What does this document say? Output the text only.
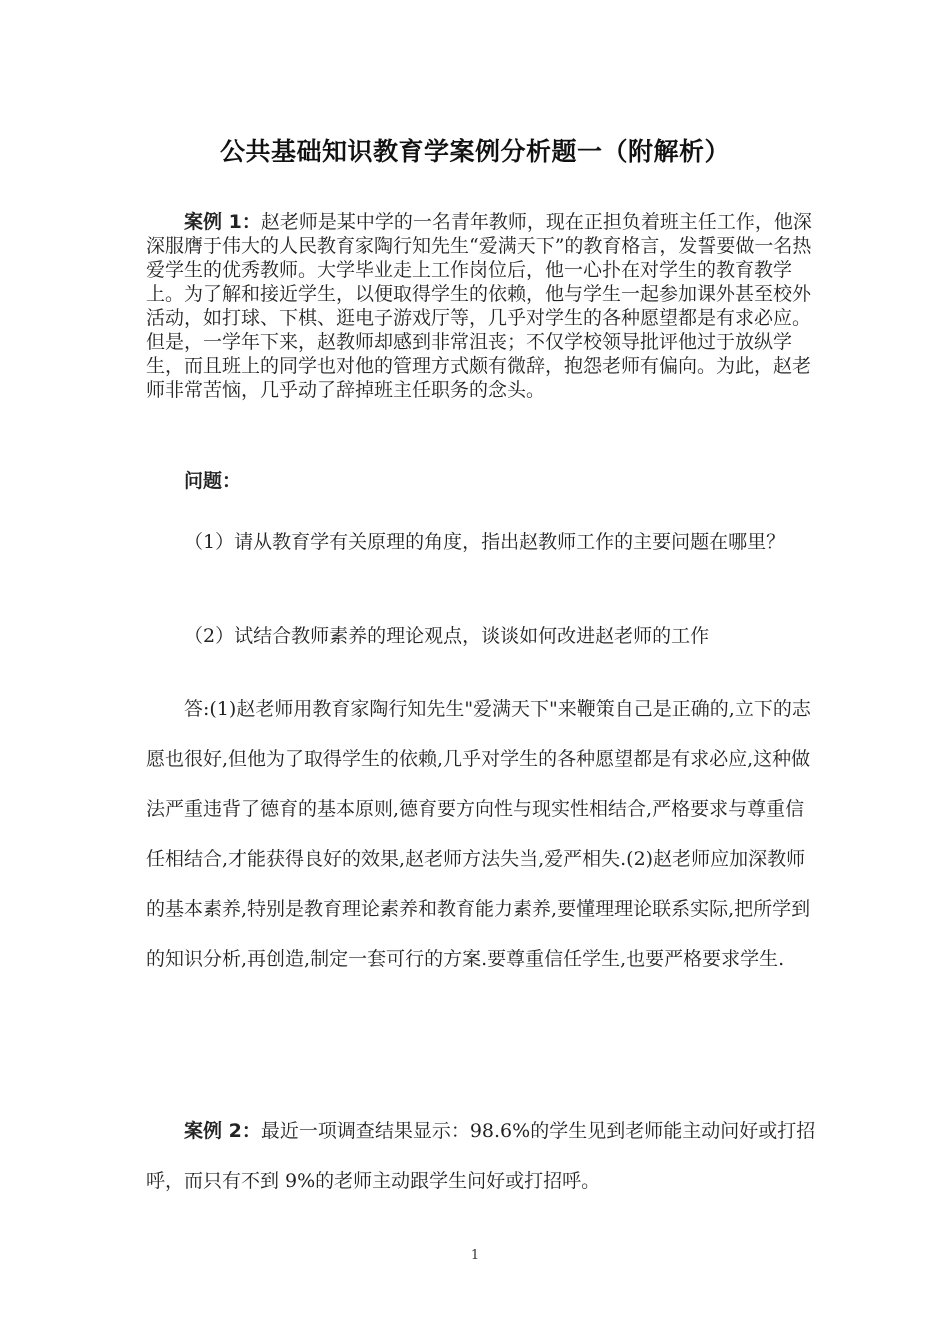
公共基础知识教育学案例分析题一（附解析）
案例 1：赵老师是某中学的一名青年教师，现在正担负着班主任工作，他深深服膺于伟大的人民教育家陶行知先生“爱满天下”的教育格言，发誓要做一名热爱学生的优秀教师。大学毕业走上工作岗位后，他一心扑在对学生的教育教学上。为了解和接近学生，以便取得学生的依赖，他与学生一起参加课外甚至校外活动，如打球、下棋、逛电子游戏厅等，几乎对学生的各种愿望都是有求必应。但是，一学年下来，赵教师却感到非常沮丧；不仅学校领导批评他过于放纵学生，而且班上的同学也对他的管理方式颇有微辞，抱怨老师有偏向。为此，赵老师非常苦恼，几乎动了辞掉班主任职务的念头。
问题：
（1）请从教育学有关原理的角度，指出赵教师工作的主要问题在哪里？
（2）试结合教师素养的理论观点，谈谈如何改进赵老师的工作
答:(1)赵老师用教育家陶行知先生"爱满天下"来鞭策自己是正确的,立下的志愿也很好,但他为了取得学生的依赖,几乎对学生的各种愿望都是有求必应,这种做法严重违背了德育的基本原则,德育要方向性与现实性相结合,严格要求与尊重信任相结合,才能获得良好的效果,赵老师方法失当,爱严相失.(2)赵老师应加深教师的基本素养,特别是教育理论素养和教育能力素养,要懂理理论联系实际,把所学到的知识分析,再创造,制定一套可行的方案.要尊重信任学生,也要严格要求学生.
案例 2：最近一项调查结果显示：98.6%的学生见到老师能主动问好或打招呼，而只有不到 9%的老师主动跟学生问好或打招呼。
1
